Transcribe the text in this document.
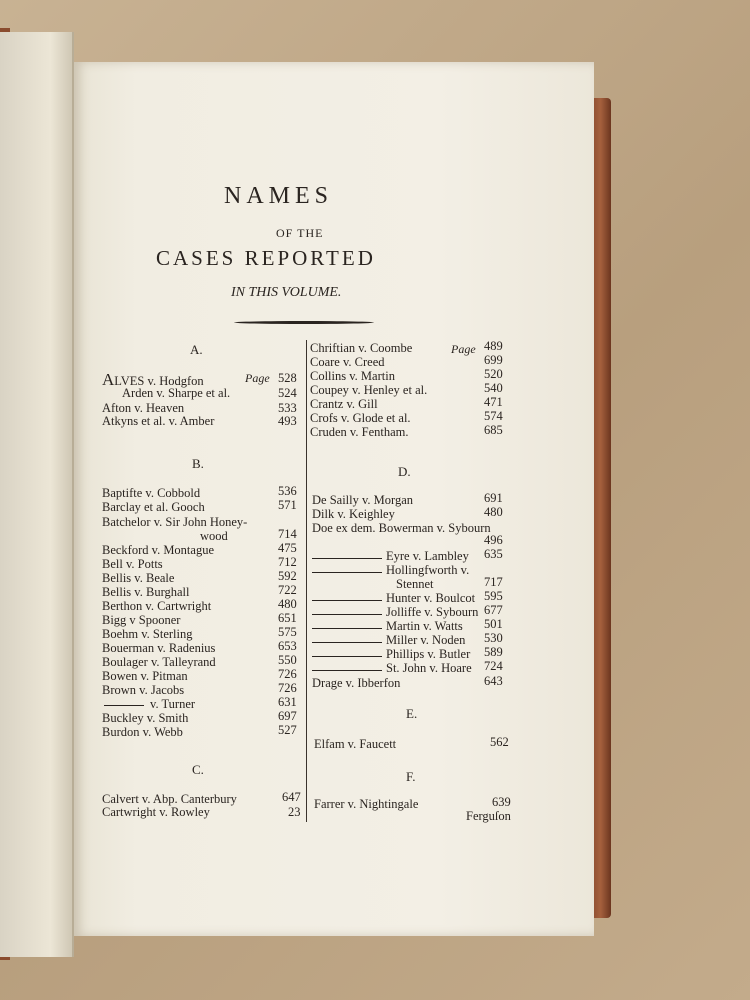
NAMES
OF THE
CASES REPORTED
IN THIS VOLUME.
A.
Page
ALVES v. Hodgfon	528
Arden v. Sharpe et al.	524
Afton v. Heaven	533
Atkyns et al. v. Amber	493
B.
Baptifte v. Cobbold	536
Barclay et al. Gooch	571
Batchelor v. Sir John Honey-
wood	714
Beckford v. Montague	475
Bell v. Potts	712
Bellis v. Beale	592
Bellis v. Burghall	722
Berthon v. Cartwright	480
Bigg v Spooner	651
Boehm v. Sterling	575
Bouerman v. Radenius	653
Boulager v. Talleyrand	550
Bowen v. Pitman	726
Brown v. Jacobs	726
v. Turner	631
Buckley v. Smith	697
Burdon v. Webb	527
C.
Calvert v. Abp. Canterbury	647
Cartwright v. Rowley	23
Page
Chriftian v. Coombe	489
Coare v. Creed	699
Collins v. Martin	520
Coupey v. Henley et al.	540
Crantz v. Gill	471
Crofs v. Glode et al.	574
Cruden v. Fentham.	685
D.
De Sailly v. Morgan	691
Dilk v. Keighley	480
Doe ex dem. Bowerman v. Sybourn
496
Eyre v. Lambley 635
Hollingfworth v.
Stennet	717
Hunter v. Boulcot 595
Jolliffe v. Sybourn 677
Martin v. Watts 501
Miller v. Noden 530
Phillips v. Butler 589
St. John v. Hoare 724
Drage v. Ibberfon	643
E.
Elfam v. Faucett	562
F.
Farrer v. Nightingale	639
Ferguſon
